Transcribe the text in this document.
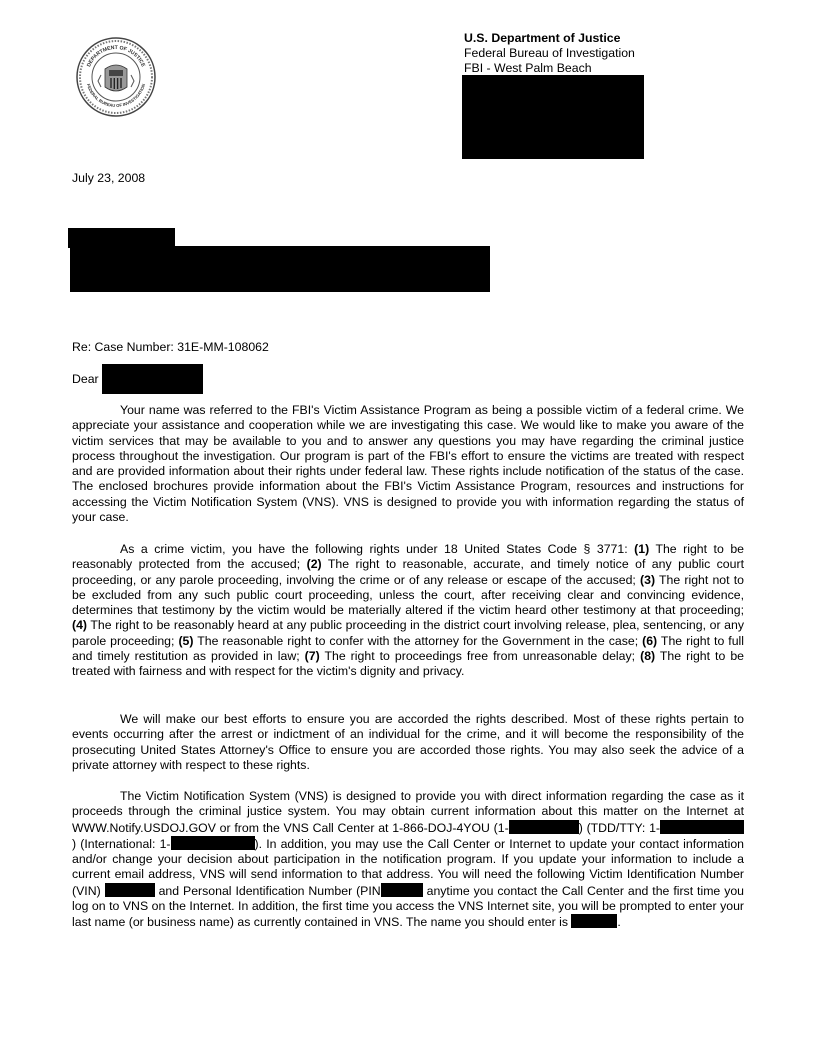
DEPARTMENT OF JUSTICE
FEDERAL BUREAU OF INVESTIGATION
U.S. Department of Justice
Federal Bureau of Investigation
FBI - West Palm Beach
July 23, 2008
Re: Case Number: 31E-MM-108062
Dear

Your name was referred to the FBI's Victim Assistance Program as being a possible victim of a federal crime. We appreciate your assistance and cooperation while we are investigating this case. We would like to make you aware of the victim services that may be available to you and to answer any questions you may have regarding the criminal justice process throughout the investigation. Our program is part of the FBI's effort to ensure the victims are treated with respect and are provided information about their rights under federal law. These rights include notification of the status of the case. The enclosed brochures provide information about the FBI's Victim Assistance Program, resources and instructions for accessing the Victim Notification System (VNS). VNS is designed to provide you with information regarding the status of your case.

As a crime victim, you have the following rights under 18 United States Code § 3771: (1) The right to be reasonably protected from the accused; (2) The right to reasonable, accurate, and timely notice of any public court proceeding, or any parole proceeding, involving the crime or of any release or escape of the accused; (3) The right not to be excluded from any such public court proceeding, unless the court, after receiving clear and convincing evidence, determines that testimony by the victim would be materially altered if the victim heard other testimony at that proceeding; (4) The right to be reasonably heard at any public proceeding in the district court involving release, plea, sentencing, or any parole proceeding; (5) The reasonable right to confer with the attorney for the Government in the case; (6) The right to full and timely restitution as provided in law; (7) The right to proceedings free from unreasonable delay; (8) The right to be treated with fairness and with respect for the victim's dignity and privacy.

We will make our best efforts to ensure you are accorded the rights described. Most of these rights pertain to events occurring after the arrest or indictment of an individual for the crime, and it will become the responsibility of the prosecuting United States Attorney's Office to ensure you are accorded those rights. You may also seek the advice of a private attorney with respect to these rights.

The Victim Notification System (VNS) is designed to provide you with direct information regarding the case as it proceeds through the criminal justice system. You may obtain current information about this matter on the Internet at WWW.Notify.USDOJ.GOV or from the VNS Call Center at 1-866-DOJ-4YOU (1-	) (TDD/TTY: 1-) (International: 1-	). In addition, you may use the Call Center or Internet to update your contact information and/or change your decision about participation in the notification program. If you update your information to include a current email address, VNS will send information to that address. You will need the following Victim Identification Number (VIN)	and Personal Identification Number (PIN	anytime you contact the Call Center and the first time you log on to VNS on the Internet. In addition, the first time you access the VNS Internet site, you will be prompted to enter your last name (or business name) as currently contained in VNS. The name you should enter is	.
